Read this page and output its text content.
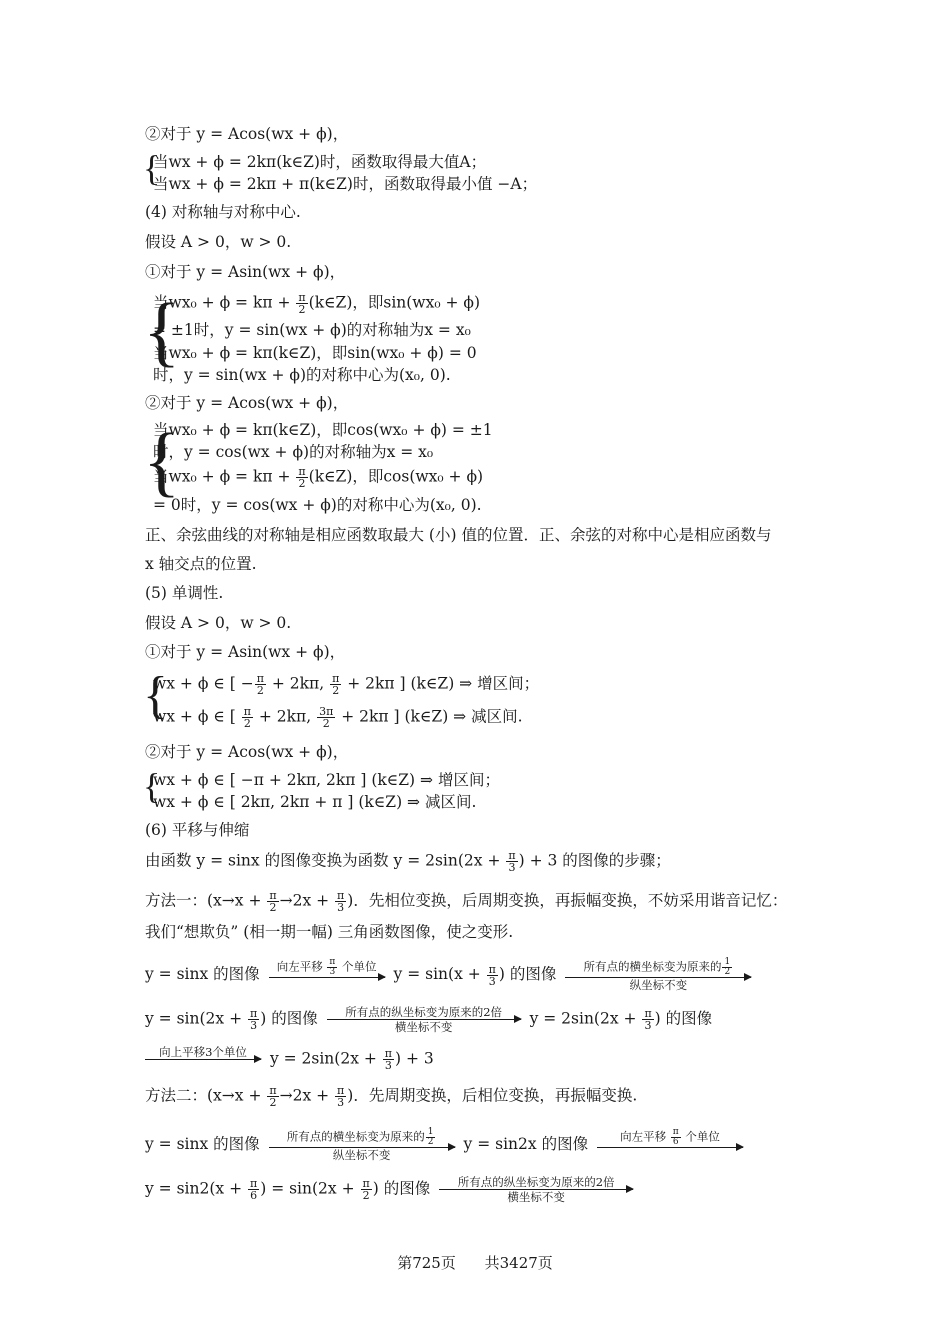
②对于 y = Acos(wx + ϕ)，
{
当wx + ϕ = 2kπ(k∈Z)时，函数取得最大值A；
当wx + ϕ = 2kπ + π(k∈Z)时，函数取得最小值 −A；
(4) 对称轴与对称中心.
假设 A > 0，w > 0.
①对于 y = Asin(wx + ϕ)，
{
当$wx_0 + \phi = k\pi + \frac{\pi}{2}$ (k∈Z)，即sin(wx₀ + ϕ)
= ±1时，y = sin(wx + ϕ)的对称轴为x = x₀
当wx₀ + ϕ = kπ(k∈Z)，即sin(wx₀ + ϕ) = 0
时，y = sin(wx + ϕ)的对称中心为(x₀, 0).
②对于 y = Acos(wx + ϕ)，
{
当wx₀ + ϕ = kπ(k∈Z)，即cos(wx₀ + ϕ) = ±1
时，y = cos(wx + ϕ)的对称轴为x = x₀
当$wx_0 + \phi = k\pi + \frac{\pi}{2}$ (k∈Z)，即cos(wx₀ + ϕ)
= 0时，y = cos(wx + ϕ)的对称中心为(x₀, 0).
正、余弦曲线的对称轴是相应函数取最大 (小) 值的位置．正、余弦的对称中心是相应函数与
x 轴交点的位置.
(5) 单调性.
假设 A > 0，w > 0.
①对于 y = Asin(wx + ϕ)，
{
wx + ϕ ∈ [ − $\frac{\pi}{2} + 2k\pi$, $\frac{\pi}{2} + 2k\pi$ ] (k∈Z) ⇒ 增区间；
wx + ϕ ∈ [ $\frac{\pi}{2} + 2k\pi$, $\frac{3\pi}{2} + 2k\pi$ ] (k∈Z) ⇒ 减区间.
②对于 y = Acos(wx + ϕ)，
{
wx + ϕ ∈ [ −π + 2kπ, 2kπ ] (k∈Z) ⇒ 增区间；
wx + ϕ ∈ [ 2kπ, 2kπ + π ] (k∈Z) ⇒ 减区间.
(6) 平移与伸缩
由函数 y = sinx 的图像变换为函数 $y = 2\sin(2x + \frac{\pi}{3}$ ) + 3 的图像的步骤；
方法一：($x\to x + \frac{\pi}{2} \to 2x + \frac{\pi}{3}$ )．先相位变换，后周期变换，再振幅变换，不妨采用谐音记忆：
我们“想欺负” (相一期一幅) 三角函数图像，使之变形.
y = sinx 的图像	向左平移 $\frac{\pi}{3}$ 个单位	$y = \sin(x + \frac{\pi}{3}$ ) 的图像	所有点的横坐标变为原来的 $\frac{1}{2}$
纵坐标不变
$y = \sin(2x + \frac{\pi}{3}$ ) 的图像	所有点的纵坐标变为原来的2倍
横坐标不变	$y = 2\sin(2x + \frac{\pi}{3}$ ) 的图像
向上平移3个单位	$y = 2\sin(2x + \frac{\pi}{3}$ ) + 3
方法二：($x\to x + \frac{\pi}{2} \to 2x + \frac{\pi}{3}$ )．先周期变换，后相位变换，再振幅变换.
y = sinx 的图像	所有点的横坐标变为原来的 $\frac{1}{2}$
纵坐标不变
y = sin2x 的图像	向左平移 $\frac{\pi}{6}$ 个单位
$y = \sin 2(x + \frac{\pi}{6}$ ) = $\sin(2x + \frac{\pi}{2}$ ) 的图像	所有点的纵坐标变为原来的2倍
横坐标不变
第725页 共3427页
